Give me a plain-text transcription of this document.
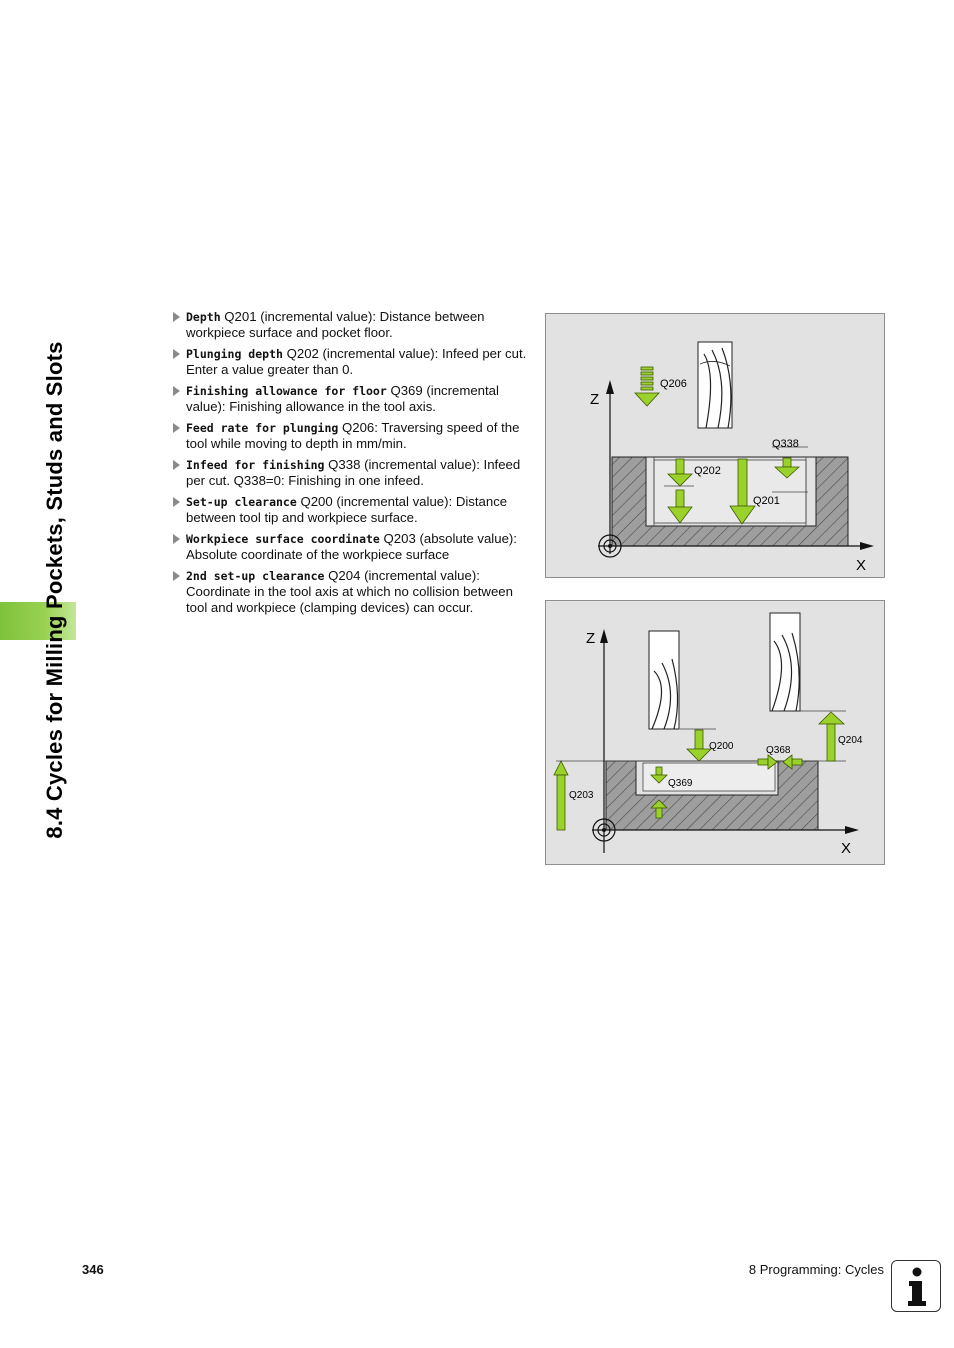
8.4 Cycles for Milling Pockets, Studs and Slots
Depth Q201 (incremental value): Distance between workpiece surface and pocket floor.
Plunging depth Q202 (incremental value): Infeed per cut. Enter a value greater than 0.
Finishing allowance for floor Q369 (incremental value): Finishing allowance in the tool axis.
Feed rate for plunging Q206: Traversing speed of the tool while moving to depth in mm/min.
Infeed for finishing Q338 (incremental value): Infeed per cut. Q338=0: Finishing in one infeed.
Set-up clearance Q200 (incremental value): Distance between tool tip and workpiece surface.
Workpiece surface coordinate Q203 (absolute value): Absolute coordinate of the workpiece surface
2nd set-up clearance Q204 (incremental value): Coordinate in the tool axis at which no collision between tool and workpiece (clamping devices) can occur.
Z
X
Q206
Q338
Q202
Q201
Z
X
Q200	Q368
Q204
Q369
Q203
346	8 Programming: Cycles
